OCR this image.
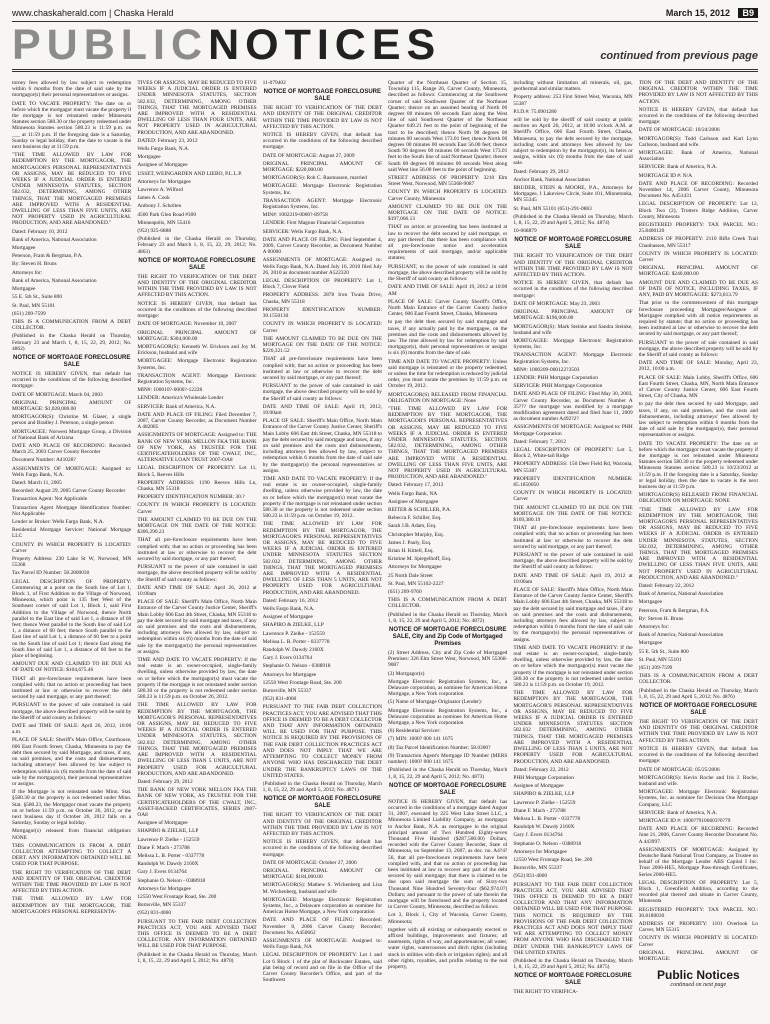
www.chaskaherald.com | Chaska Herald	March 15, 2012 B9
PUBLICNOTICES	continued from previous page

torney fees allowed by law subject to redemption within 6 months from the date of said sale by the mortgagor(s) their personal representatives or assigns.

DATE TO VACATE PROPERTY: The date on or before which the mortgagor must vacate the property if the mortgage is not reinstated under Minnesota Statutes section 580.30 or the property redeemed under Minnesota Statutes section 580.23 is 11:59 p.m. on ___ at 11:59 p.m. If the foregoing date is a Saturday, Sunday or legal holiday, then the date to vacate is the next business day at 11:59 p.m.

"THE TIME ALLOWED BY LAW FOR REDEMPTION BY THE MORTGAGOR, THE MORTGAGOR'S PERSONAL REPRESENTATIVES OR ASSIGNS, MAY BE REDUCED TO FIVE WEEKS IF A JUDICIAL ORDER IS ENTERED UNDER MINNESOTA STATUTES, SECTION 582.032, DETERMINING, AMONG OTHER THINGS, THAT THE MORTGAGED PREMISES ARE IMPROVED WITH A RESIDENTIAL DWELLING OF LESS THAN FIVE UNITS, ARE NOT PROPERTY USED IN AGRICULTURAL PRODUCTION, AND ARE ABANDONED."

Dated: February 10, 2012

Bank of America, National Association

Mortgagee

Peterson, Fram & Bergman, P.A.

By: Steven H. Bruns

Attorneys for:

Bank of America, National Association

Mortgagee

55 E. 5th St., Suite 800

St. Paul, MN 55101

(651) 209-7599

THIS IS A COMMUNICATION FROM A DEBT COLLECTOR.

(Published in the Chaska Herald on Thursday, February 23 and March 1, 8, 15, 22, 29, 2012; No. 4862)

NOTICE OF MORTGAGE FORECLOSURE SALE

NOTICE IS HEREBY GIVEN, that default has occurred in the conditions of the following described mortgage:

DATE OF MORTGAGE: March 04, 2003

ORIGINAL PRINCIPAL AMOUNT OF MORTGAGE: $1,028,000.00

MORTGAGOR(S): Christine M. Glaser, a single person and Bradley J. Peterson, a single person

MORTGAGEE: Norwest Mortgage Group, a Division of National Bank of Arizona

DATE AND PLACE OF RECORDING: Recorded: March 25, 2003 Carver County Recorder

Document Number: A41028?

ASSIGNMENTS OF MORTGAGE: Assigned to: Wells Fargo Bank, N.A.

Dated: March 11, 2005

Recorded: August 29, 2005 Carver County Recorder

Transaction Agent: Not Applicable

Transaction Agent Mortgage Identification Number: Not Applicable

Lender or Broker: Wells Fargo Bank, N.A.

Residential Mortgage Servicer: National Mortgage LLC

COUNTY IN WHICH PROPERTY IS LOCATED: Carver

Property Address: 230 Lake St W, Norwood, MN 55368

Tax Parcel ID Number: 58.2800030

LEGAL DESCRIPTION OF PROPERTY: Commencing at a point on the South line of Lot 1, Block 1, of First Addition to the Village of Norwood, Minnesota, which point is 135 feet West of the Southeast corner of said Lot 1, Block 1, said First Addition to the Village of Norwood, thence North parallel to the East line of said Lot 1, a distance of 60 feet; thence West parallel to the South line of said Lot 1, a distance of 60 feet; thence South parallel to the East line of said Lot 1, a distance of 60 feet to a point on the South line of said Lot 1; thence East along the South line of said Lot 1, a distance of 60 feet to the place of beginning.

AMOUNT DUE AND CLAIMED TO BE DUE AS OF DATE OF NOTICE: $104,675.46

THAT all pre-foreclosure requirements have been complied with; that no action or proceeding has been instituted at law or otherwise to recover the debt secured by said mortgage, or any part thereof;

PURSUANT to the power of sale contained in said mortgage, the above described property will be sold by the Sheriff of said county as follows:

DATE and TIME OF SALE: April 26, 2012, 10:00 a.m.

PLACE OF SALE: Sheriff's Main Office, Courthouse, 606 East Fourth Street, Chaska, Minnesota to pay the debt then secured by said Mortgage, and taxes, if any, on said premises, and the costs and disbursements, including attorneys' fees allowed by law subject to redemption within six (6) months from the date of said sale by the mortgagor(s), their personal representatives or assigns.

If the Mortgage is not reinstated under Minn. Stat. §580.30 or the property is not redeemed under Minn. Stat. §580.23, the Mortgagor must vacate the property on or before 11:59 p.m. on October 26, 2012, or the next business day if October 26, 2012 falls on a Saturday, Sunday or legal holiday.

Mortgagor(s) released from financial obligation: NONE

THIS COMMUNICATION IS FROM A DEBT COLLECTOR ATTEMPTING TO COLLECT A DEBT. ANY INFORMATION OBTAINED WILL BE USED FOR THAT PURPOSE.

THE RIGHT TO VERIFICATION OF THE DEBT AND IDENTITY OF THE ORIGINAL CREDITOR WITHIN THE TIME PROVIDED BY LAW IS NOT AFFECTED BY THIS ACTION.

THE TIME ALLOWED BY LAW FOR REDEMPTION BY THE MORTGAGOR, THE MORTGAGOR'S PERSONAL REPRESENTA-

TIVES OR ASSIGNS, MAY BE REDUCED TO FIVE WEEKS IF A JUDICIAL ORDER IS ENTERED UNDER MINNESOTA STATUTES, SECTION 582.032, DETERMINING, AMONG OTHER THINGS, THAT THE MORTGAGED PREMISES ARE IMPROVED WITH A RESIDENTIAL DWELLING OF LESS THAN FOUR UNITS, ARE NOT PROPERTY USED IN AGRICULTURAL PRODUCTION, AND ARE ABANDONED.

DATED: February 23, 2012

Wells Fargo Bank, N.A.

Mortgagee

Assignee of Mortgagee

USSET, WEINGARDEN AND LIEBO, P.L.L.P.

Attorneys for Mortgagee

Lawrence A. Wilford

James A. Cook

Anthony J. Scholten

4500 Park Glen Road #300

Minneapolis, MN 55416

(952) 925-6888

(Published in the Chaska Herald on Thursday, February 23 and March 1, 8, 15, 22, 29, 2012; No. 4863)

NOTICE OF MORTGAGE FORECLOSURE SALE

THE RIGHT TO VERIFICATION OF THE DEBT AND IDENTITY OF THE ORIGINAL CREDITOR WITHIN THE TIME PROVIDED BY LAW IS NOT AFFECTED BY THIS ACTION.

NOTICE IS HEREBY GIVEN, that default has occurred in the conditions of the following described mortgage:

DATE OF MORTGAGE: November 10, 2007

ORIGINAL PRINCIPAL AMOUNT OF MORTGAGE: $304,000.00

MORTGAGOR(S): Kenneth W. Erickson and Joy M. Erickson, husband and wife

MORTGAGEE: Mortgage Electronic Registration Systems, Inc.

TRANSACTION AGENT: Mortgage Electronic Registration Systems, Inc.

MIN#: 100010?-0000?-12228

LENDER: America's Wholesale Lender

SERVICER: Bank of America, N.A.

DATE AND PLACE OF FILING: Filed December 7, 2007, Carver County Recorder, as Document Number A 482085

ASSIGNMENTS OF MORTGAGE: Assigned to: THE BANK OF NEW YORK MELLON FKA THE BANK OF NEW YORK, AS TRUSTEE FOR THE CERTIFICATEHOLDERS OF THE CWALT, INC., ALTERNATIVE LOAN TRUST 2007-OA8

LEGAL DESCRIPTION OF PROPERTY: Lot 11, Block 5, Reeves Hills

PROPERTY ADDRESS: 1190 Reeves Hills Ln, Chaska, MN 55318

PROPERTY IDENTIFICATION NUMBER: 30.?

COUNTY IN WHICH PROPERTY IS LOCATED: Carver

THE AMOUNT CLAIMED TO BE DUE ON THE MORTGAGE ON THE DATE OF THE NOTICE: $306,290.23

THAT all pre-foreclosure requirements have been complied with; that no action or proceeding has been instituted at law or otherwise to recover the debt secured by said mortgage, or any part thereof;

PURSUANT to the power of sale contained in said mortgage, the above described property will be sold by the Sheriff of said county as follows:

DATE AND TIME OF SALE: April 26, 2012 at 10:00am

PLACE OF SALE: Sheriff's Main Office, North Main Entrance of the Carver County Justice Center, Sheriff's Main Lobby 606 East 4th Street, Chaska, MN 55318 to pay the debt secured by said mortgage and taxes, if any on said premises and the costs and disbursements, including attorneys fees allowed by law, subject to redemption within six (6) months from the date of said sale by the mortgagor(s) the personal representatives or assigns.

TIME AND DATE TO VACATE PROPERTY: If the real estate is an owner-occupied, single-family dwelling, unless otherwise provided by law, the date on or before which the mortgagor(s) must vacate the property if the mortgage is not reinstated under section 580.30 or the property is not redeemed under section 580.23 is 11:59 p.m. on October 26, 2012.

THE TIME ALLOWED BY LAW FOR REDEMPTION BY THE MORTGAGOR, THE MORTGAGOR'S PERSONAL REPRESENTATIVES OR ASSIGNS, MAY BE REDUCED TO FIVE WEEKS IF A JUDICIAL ORDER IS ENTERED UNDER MINNESOTA STATUTES, SECTION 582.032 DETERMINING, AMONG OTHER THINGS, THAT THE MORTGAGED PREMISES ARE IMPROVED WITH A RESIDENTIAL DWELLING OF LESS THAN 5 UNITS, ARE NOT PROPERTY USED FOR AGRICULTURAL PRODUCTION, AND ARE ABANDONED.

Dated: February 29, 2012

THE BANK OF NEW YORK MELLON FKA THE BANK OF NEW YORK, AS TRUSTEE FOR THE CERTIFICATEHOLDERS OF THE CWALT, INC., ASSET-BACKED CERTIFICATES, SERIES 2007-OA8

Assignee of Mortgagee

SHAPIRO & ZIELKE, LLP

Lawrence P. Zielke - 152559

Diane F. Mach - 273788

Melissa L. B. Porter - 0337778

Randolph W. Dawdy 2160X

Gary J. Evers 0134764

Stephanie O. Nelson - 0388918

Attorneys for Mortgagee

12550 West Frontage Road, Ste. 200

Burnsville, MN 55337

(952) 831-4060

PURSUANT TO THE FAIR DEBT COLLECTION PRACTICES ACT, YOU ARE ADVISED THAT THIS OFFICE IS DEEMED TO BE A DEBT COLLECTOR. ANY INFORMATION OBTAINED WILL BE USED FOR THAT PURPOSE.

(Published in the Chaska Herald on Thursday, March 1, 8, 15, 22, 29 and April 5, 2012; No. 4870)

11-079402

NOTICE OF MORTGAGE FORECLOSURE SALE

THE RIGHT TO VERIFICATION OF THE DEBT AND IDENTITY OF THE ORIGINAL CREDITOR WITHIN THE TIME PROVIDED BY LAW IS NOT AFFECTED BY THIS ACTION.

NOTICE IS HEREBY GIVEN, that default has occurred in the conditions of the following described mortgage:

DATE OF MORTGAGE: August 27, 2009

ORIGINAL PRINCIPAL AMOUNT OF MORTGAGE: $220,000.00

MORTGAGOR(S): Rob C. Rasmussen, married

MORTGAGEE: Mortgage Electronic Registration Systems, Inc.

TRANSACTION AGENT: Mortgage Electronic Registration Systems, Inc.

MIN#: 1002219-0000?-89758

LENDER: First Magnus Financial Corporation

SERVICER: Wells Fargo Bank, N.A.

DATE AND PLACE OF FILING: Filed September 4, 2009, Carver County Recorder, as Document Number A 00000

ASSIGNMENTS OF MORTGAGE: Assigned to: Wells Fargo Bank, N.A. Dated July 16, 2010 filed July 26, 2010 as document number A522320

LEGAL DESCRIPTION OF PROPERTY: Lot 1, Block 7, Clover Field

PROPERTY ADDRESS: 2878 Iron Twain Drive, Chaska, MN 55318

PROPERTY IDENTIFICATION NUMBER: 30.1550130

COUNTY IN WHICH PROPERTY IS LOCATED: Carver

THE AMOUNT CLAIMED TO BE DUE ON THE MORTGAGE ON THE DATE OF THE NOTICE: $226,321.52

THAT all pre-foreclosure requirements have been complied with; that no action or proceeding has been instituted at law or otherwise to recover the debt secured by said mortgage, or any part thereof;

PURSUANT to the power of sale contained in said mortgage, the above described property will be sold by the Sheriff of said county as follows:

DATE AND TIME OF SALE: April 19, 2012, 10:00am

PLACE OF SALE: Sheriff's Main Office, North Main Entrance of the Carver County Justice Center, Sheriff's Main Lobby 606 East 4th Street, Chaska, MN 55318 to pay the debt secured by said mortgage and taxes, if any on said premises and the costs and disbursements, including attorneys fees allowed by law, subject to redemption within 6 months from the date of said sale by the mortgagor(s) the personal representatives or assigns.

TIME AND DATE TO VACATE PROPERTY: If the real estate is an owner-occupied, single-family dwelling, unless otherwise provided by law, the date on or before which the mortgagor(s) must vacate the property if the mortgage is not reinstated under section 580.30 or the property is not redeemed under section 580.23 is 11:59 p.m. on October 19, 2012.

THE TIME ALLOWED BY LAW FOR REDEMPTION BY THE MORTGAGOR, THE MORTGAGOR'S PERSONAL REPRESENTATIVES OR ASSIGNS, MAY BE REDUCED TO FIVE WEEKS IF A JUDICIAL ORDER IS ENTERED UNDER MINNESOTA STATUTES SECTION 582.032 DETERMINING, AMONG OTHER THINGS, THAT THE MORTGAGED PREMISES ARE IMPROVED WITH A RESIDENTIAL DWELLING OF LESS THAN 5 UNITS, ARE NOT PROPERTY USED FOR AGRICULTURAL PRODUCTION, AND ARE ABANDONED.

Dated: February 16, 2012

Wells Fargo Bank, N.A.

Assignee of Mortgagee

SHAPIRO & ZIELKE, LLP

Lawrence P. Zielke - 152559

Melissa L. B. Porter - 0337778

Randolph W. Dawdy 2160X

Gary J. Evers 0134764

Stephanie O. Nelson - 0388918

Attorneys for Mortgagee

12550 West Frontage Road, Ste. 200

Burnsville, MN 55337

(952) 831-4060

PURSUANT TO THE FAIR DEBT COLLECTION PRACTICES ACT, YOU ARE ADVISED THAT THIS OFFICE IS DEEMED TO BE A DEBT COLLECTOR AND THAT ANY INFORMATION OBTAINED WILL BE USED FOR THAT PURPOSE. THIS NOTICE IS REQUIRED BY THE PROVISIONS OF THE FAIR DEBT COLLECTION PRACTICES ACT AND DOES NOT IMPLY THAT WE ARE ATTEMPTING TO COLLECT MONEY FROM ANYONE WHO HAS DISCHARGED THE DEBT UNDER THE BANKRUPTCY LAWS OF THE UNITED STATES.

(Published in the Chaska Herald on Thursday, March 1, 8, 15, 22, 29 and April 5, 2012; No. 4871)

NOTICE OF MORTGAGE FORECLOSURE SALE

THE RIGHT TO VERIFICATION OF THE DEBT AND IDENTITY OF THE ORIGINAL CREDITOR WITHIN THE TIME PROVIDED BY LAW IS NOT AFFECTED BY THIS ACTION.

NOTICE IS HEREBY GIVEN, that default has occurred in the conditions of the following described mortgage:

DATE OF MORTGAGE: October 27, 2006

ORIGINAL PRINCIPAL AMOUNT OF MORTGAGE: $184,000.00

MORTGAGOR(S): Mathew S. Wichenberg and Lisa M. Wichenberg, husband and wife

MORTGAGEE: Mortgage Electronic Registration Systems, Inc., a Delaware corporation as nominee for Americas Home Mortgage, a New York corporation

DATE AND PLACE OF FILING: Recorded: November 8, 2006 Carver County Recorder; Document No. A450662

ASSIGNMENTS OF MORTGAGE: Assigned to: Wells Fargo Bank, NA

LEGAL DESCRIPTION OF PROPERTY: Lot 1 and Lot 6 Block 1 of the plat of Rockwater Estates, said plat being of record and on file in the Office of the Carver County Recorder's Office, and part of the Southwest

Quarter of the Northeast Quarter of Section 15, Township 115, Range 26, Carver County, Minnesota, described as follows: Commencing at the Southwest corner of said Southwest Quarter of the Northeast Quarter; thence on an assumed bearing of North 00 degrees 00 minutes 00 seconds East along the West line of said Southwest Quarter of the Northeast Quarter 649.21 feet to the point of beginning of the tract to be described; thence North 90 degrees 00 minutes 00 seconds West 173.01 feet; thence North 00 degrees 00 minutes 00 seconds East 56.00 feet; thence South 90 degrees 00 minutes 00 seconds West 173.01 feet to the South line of said Northeast Quarter; thence South 00 degrees 00 minutes 00 seconds West along said West line 56.00 feet to the point of beginning.

STREET ADDRESS OF PROPERTY: 3210 Elm Street West, Norwood, MN 55368-9087

COUNTY IN WHICH PROPERTY IS LOCATED: Carver County, Minnesota

AMOUNT CLAIMED TO BE DUE ON THE MORTGAGE ON THE DATE OF NOTICE: $197,066.13

THAT no action or proceeding has been instituted at law to recover the debt secured by said mortgage, or any part thereof; that there has been compliance with all pre-foreclosure notice and acceleration requirements of said mortgage, and/or applicable statutes;

PURSUANT, to the power of sale contained in said mortgage, the above described property will be sold by the Sheriff of said county as follows:

DATE AND TIME OF SALE: April 19, 2012 at 10:00 AM

PLACE OF SALE: Carver County Sheriff's Office, North Main Entrance of the Carver County Justice Center, 606 East Fourth Street, Chaska, Minnesota

to pay the debt then secured by said mortgage and taxes, if any actually paid by the mortgagee, on the premises and the costs and disbursements allowed by law. The time allowed by law for redemption by said mortgagor(s), their personal representatives or assigns is six (6) months from the date of sale.

TIME AND DATE TO VACATE PROPERTY: Unless said mortgage is reinstated or the property redeemed, or unless the time for redemption is reduced by judicial order, you must vacate the premises by 11:59 p.m. on October 19, 2012.

MORTGAGOR(S) RELEASED FROM FINANCIAL OBLIGATION ON MORTGAGE: None

"THE TIME ALLOWED BY LAW FOR REDEMPTION BY THE MORTGAGOR, THE MORTGAGOR'S PERSONAL REPRESENTATIVES OR ASSIGNS, MAY BE REDUCED TO FIVE WEEKS IF A JUDICIAL ORDER IS ENTERED UNDER MINNESOTA STATUTES, SECTION 582.032, DETERMINING, AMONG OTHER THINGS, THAT THE MORTGAGED PREMISES ARE IMPROVED WITH A RESIDENTIAL DWELLING OF LESS THAN FIVE UNITS, ARE NOT PROPERTY USED IN AGRICULTURAL PRODUCTION, AND ARE ABANDONED."

Dated: February 17, 2012

Wells Fargo Bank, NA

Assignee of Mortgagee

REITER & SCHILLER, P.A.

Rebecca F. Schiller, Esq.

Sarah J.B. Adam, Esq.

Christopher Murphy, Esq.

James J. Pauly, Esq.

Brian H. Kittell, Esq.

Kristine M. Spiegelhoff, Esq.

Attorneys for Mortgagee

25 North Dale Street

St. Paul, MN 55102-2227

(651) 209-9760

THIS IS A COMMUNICATION FROM A DEBT COLLECTOR.

(Published in the Chaska Herald on Thursday, March 1, 8, 15, 22, 29 and April 5, 2012; No. 4872)

NOTICE OF MORTGAGE FORECLOSURE SALE, City and Zip Code of Mortgaged Premises

(2) Street Address, City and Zip Code of Mortgaged Premises: 326 Elm Street West, Norwood, MN 55368-9087

(3) Mortgagor(s)

Mortgage Electronic Registration Systems, Inc., a Delaware corporation, as nominee for American Home Mortgage, a New York corporation

(5) Name of Mortgage Originator (Lender):

Mortgage Electronic Registration Systems, Inc., a Delaware corporation as nominee for American Home Mortgage, a New York corporation

(6) Residential Servicer:

(7) MIN: 1000? 000 141 1675

(8) Tax Parcel Identification Number: 58.0300?

(9) Transaction Agent's Mortgage ID Number (MERS number): 1000? 000 141 1675

(Published in the Chaska Herald on Thursday, March 1, 8, 15, 22, 29 and April 5, 2012; No. 4873)

NOTICE OF MORTGAGE FORECLOSURE SALE

NOTICE IS HEREBY GIVEN, that default has occurred in the conditions of a mortgage dated August 31, 2007, executed by 225 West Lake Street LLC, a Minnesota Limited Liability Company, as mortgagor to Anchor Bank, N.A. as mortgagee in the original principal amount of Two Hundred Eighty-seven Thousand Five Hundred ($287,500.00) Dollars, recorded with the Carver County Recorder, State of Minnesota, on September 13, 2007, as doc. no. A4?4?56, that all pre-foreclosure requirements have been complied with, and that no action or proceeding has been instituted at law to recover any part of the debt secured by said mortgage; that there is claimed to be due upon said mortgage the sum of Sixty-two Thousand Nine Hundred Seventy-four ($62,974.07) Dollars; and pursuant to the power of sale therein the mortgage will be foreclosed and the property located in Carver County, Minnesota, described as follows:

Lot 3, Block 1, City of Waconia, Carver County, Minnesota;

together with all existing or subsequently erected or affixed buildings, improvements and fixtures; all easements, rights of way, and appurtenances; all water, water rights, watercourses and ditch rights (including stock in utilities with ditch or irrigation rights); and all other rights, royalties, and profits relating to the real property,

including without limitation all minerals, oil, gas, geothermal and similar matters.

Property address: 253 First Street West, Waconia, MN 55387

P.I.D.#: 75.0901280

will be sold by the sheriff of said county at public auction on April 26, 2012, at 10:00 o'clock A.M. at Sheriff's Office, 606 East Fourth Street, Chaska, Minnesota, to pay the debt secured by the mortgage, including costs and attorneys fees allowed by law subject to redemption by the mortgagor(s), its heirs or assigns, within six (6) months from the date of said sale.

Dated: February 29, 2012

Anchor Bank, National Association

BRUDER, STEIN & MOORE, P.A., Attorneys for Mortgagee, 1 Lakeview Circle, Suite 101, Minnetonka, MN 55345

St. Paul, MN 55101 (651)-291-0883

(Published in the Chaska Herald on Thursday, March 1, 8, 15, 22, 29 and April 5, 2012; No. 4874)

10-068879

NOTICE OF MORTGAGE FORECLOSURE SALE

THE RIGHT TO VERIFICATION OF THE DEBT AND IDENTITY OF THE ORIGINAL CREDITOR WITHIN THE TIME PROVIDED BY LAW IS NOT AFFECTED BY THIS ACTION.

NOTICE IS HEREBY GIVEN, that default has occurred in the conditions of the following described mortgage:

DATE OF MORTGAGE: May 23, 2003

ORIGINAL PRINCIPAL AMOUNT OF MORTGAGE: $196,000.00

MORTGAGOR(S): Mark Steinke and Sandra Steinke, husband and wife

MORTGAGEE: Mortgage Electronic Registration Systems, Inc.

TRANSACTION AGENT: Mortgage Electronic Registration Systems, Inc.

MIN#: 1000209-000122?3503

LENDER: PHH Mortgage Corporation

SERVICER: PHH Mortgage Corporation

DATE AND PLACE OF FILING: Filed May 30, 2003, Carver County Recorder, as Document Number A 35??? the mortgage was modified by a mortgage modification agreement dated and filed June 11, 2009 as document number A492?2?

ASSIGNMENTS OF MORTGAGE: Assigned to: PHH Mortgage Corporation

Dated: February 7, 2012

LEGAL DESCRIPTION OF PROPERTY: Lot 5, Block 2, White-tail Ridge

PROPERTY ADDRESS: 150 Deer Field Rd, Waconia, MN 55387

PROPERTY IDENTIFICATION NUMBER: 85.1850050

COUNTY IN WHICH PROPERTY IS LOCATED: Carver

THE AMOUNT CLAIMED TO BE DUE ON THE MORTGAGE ON THE DATE OF THE NOTICE: $169,380.19

THAT all pre-foreclosure requirements have been complied with; that no action or proceeding has been instituted at law or otherwise to recover the debt secured by said mortgage, or any part thereof;

PURSUANT to the power of sale contained in said mortgage, the above described property will be sold by the Sheriff of said county as follows:

DATE AND TIME OF SALE: April 19, 2012 at 10:00am

PLACE OF SALE: Sheriff's Main Office, North Main Entrance of the Carver County Justice Center, Sheriff's Main Lobby 606 East 4th Street, Chaska, MN 55318 to pay the debt secured by said mortgage and taxes, if any on said premises and the costs and disbursements, including attorneys fees allowed by law, subject to redemption within 6 months from the date of said sale by the mortgagor(s) the personal representatives or assigns.

TIME AND DATE TO VACATE PROPERTY: If the real estate is an owner-occupied, single-family dwelling, unless otherwise provided by law, the date on or before which the mortgagor(s) must vacate the property if the mortgage is not reinstated under section 580.30 or the property is not redeemed under section 580.23 is 11:59 p.m. on October 19, 2012.

THE TIME ALLOWED BY LAW FOR REDEMPTION BY THE MORTGAGOR, THE MORTGAGOR'S PERSONAL REPRESENTATIVES OR ASSIGNS, MAY BE REDUCED TO FIVE WEEKS IF A JUDICIAL ORDER IS ENTERED UNDER MINNESOTA STATUTES SECTION 582.032 DETERMINING, AMONG OTHER THINGS, THAT THE MORTGAGED PREMISES ARE IMPROVED WITH A RESIDENTIAL DWELLING OF LESS THAN 5 UNITS, ARE NOT PROPERTY USED FOR AGRICULTURAL PRODUCTION, AND ARE ABANDONED.

Dated: February 22, 2012

PHH Mortgage Corporation

Assignee of Mortgagee

SHAPIRO & ZIELKE, LLP

Lawrence P. Zielke - 152559

Diane F. Mach - 273788

Melissa L. B. Porter - 0337778

Randolph W. Dawdy 2160X

Gary J. Evers 0134764

Stephanie O. Nelson - 0388918

Attorneys for Mortgagee

12550 West Frontage Road, Ste. 200

Burnsville, MN 55337

(952) 831-4060

PURSUANT TO THE FAIR DEBT COLLECTION PRACTICES ACT, YOU ARE ADVISED THAT THIS OFFICE IS DEEMED TO BE A DEBT COLLECTOR AND THAT ANY INFORMATION OBTAINED WILL BE USED FOR THAT PURPOSE. THIS NOTICE IS REQUIRED BY THE PROVISIONS OF THE FAIR DEBT COLLECTION PRACTICES ACT AND DOES NOT IMPLY THAT WE ARE ATTEMPTING TO COLLECT MONEY FROM ANYONE WHO HAS DISCHARGED THE DEBT UNDER THE BANKRUPTCY LAWS OF THE UNITED STATES.

(Published in the Chaska Herald on Thursday, March 1, 8, 15, 22, 29 and April 5, 2012; No. 4875)

NOTICE OF MORTGAGE FORECLOSURE SALE

THE RIGHT TO VERIFICA-

TION OF THE DEBT AND IDENTITY OF THE ORIGINAL CREDITOR WITHIN THE TIME PROVIDED BY LAW IS NOT AFFECTED BY THIS ACTION.

NOTICE IS HEREBY GIVEN, that default has occurred in the conditions of the following described mortgage:

DATE OF MORTGAGE: 10/24/2006

MORTGAGOR(S): Todd Carlsson and Kari Lynn Carlsson, husband and wife.

MORTGAGEE: Bank of America, National Association

SERVICER: Bank of America, N.A.

MORTGAGE ID #: N/A

DATE AND PLACE OF RECORDING: Recorded November 14, 2006 Carver County, Minnesota Document No. A451431

LEGAL DESCRIPTION OF PROPERTY: Lot 12, Block Two (2), Trotters Ridge Addition, Carver County, Minnesota

REGISTERED PROPERTY: TAX PARCEL NO.: 25.8400120

ADDRESS OF PROPERTY: 2110 Rifle Creek Trail Chanhassen, MN 55317

COUNTY IN WHICH PROPERTY IS LOCATED: Carver

ORIGINAL PRINCIPAL AMOUNT OF MORTGAGE: $240,000.00

AMOUNT DUE AND CLAIMED TO BE DUE AS OF DATE OF NOTICE, INCLUDING TAXES, IF ANY, PAID BY MORTGAGEE: $273,813.79

That prior to the commencement of this mortgage foreclosure proceeding Mortgagee/Assignee of Mortgagee complied with all notice requirements as required by statute; that no action or proceeding has been instituted at law or otherwise to recover the debt secured by said mortgage, or any part thereof;

PURSUANT to the power of sale contained in said mortgage, the above described property will be sold by the Sheriff of said county as follows:

DATE AND TIME OF SALE: Monday, April 23, 2012, 10:00 a.m.

PLACE OF SALE: Main Lobby, Sheriff's Office, 606 East Fourth Street, Chaska, MN, North Main Entrance of Carver County Justice Center, 606 East Fourth Street, City of Chaska, MN

to pay the debt then secured by said Mortgage, and taxes, if any, on said premises, and the costs and disbursements, including attorneys' fees allowed by law subject to redemption within 6 months from the date of said sale by the mortgagor(s), their personal representatives or assigns.

DATE TO VACATE PROPERTY: The date on or before which the mortgagor must vacate the property if the mortgage is not reinstated under Minnesota Statutes section 580.30 or the property redeemed under Minnesota Statutes section 580.23 is 10/23/2012 at 11:59 p.m. If the foregoing date is a Saturday, Sunday or legal holiday, then the date to vacate is the next business day at 11:59 p.m.

MORTGAGOR(S) RELEASED FROM FINANCIAL OBLIGATION ON MORTGAGE: NONE

"THE TIME ALLOWED BY LAW FOR REDEMPTION BY THE MORTGAGOR, THE MORTGAGOR'S PERSONAL REPRESENTATIVES OR ASSIGNS, MAY BE REDUCED TO FIVE WEEKS IF A JUDICIAL ORDER IS ENTERED UNDER MINNESOTA STATUTES, SECTION 582.032, DETERMINING, AMONG OTHER THINGS, THAT THE MORTGAGED PREMISES ARE IMPROVED WITH A RESIDENTIAL DWELLING OF LESS THAN FIVE UNITS, ARE NOT PROPERTY USED IN AGRICULTURAL PRODUCTION, AND ARE ABANDONED."

Dated: February 22, 2012

Bank of America, National Association

Mortgagee

Peterson, Fram & Bergman, P.A.

By: Steven H. Bruns

Attorneys for:

Bank of America, National Association

Mortgagee

55 E. 5th St., Suite 800

St. Paul, MN 55101

(651) 209-7599

THIS IS A COMMUNICATION FROM A DEBT COLLECTOR.

(Published in the Chaska Herald on Thursday, March 1, 8, 15, 22, 29 and April 5, 2012; No. 4876)

NOTICE OF MORTGAGE FORECLOSURE SALE

THE RIGHT TO VERIFICATION OF THE DEBT AND IDENTITY OF THE ORIGINAL CREDITOR WITHIN THE TIME PROVIDED BY LAW IS NOT AFFECTED BY THIS ACTION.

NOTICE IS HEREBY GIVEN, that default has occurred in the conditions of the following described mortgage:

DATE OF MORTGAGE: 05/25/2006

MORTGAGOR(S): Kevin Roche and Iris J. Roche, husband and wife.

MORTGAGEE: Mortgage Electronic Registration Systems, Inc. as nominee for Decision One Mortgage Company, LLC

SERVICER: Bank of America, N.A.

MORTGAGE ID #: 1000?79100603?0?79

DATE AND PLACE OF RECORDING: Recorded June 21, 2006, Carver County Recorder Document No. A 443997.

ASSIGNMENTS OF MORTGAGE: Assigned by Deutsche Bank National Trust Company, as Trustee on behalf of the Mortgage Lender ABS Capital I Inc. Trust 2006-HE5, Mortgage Pass-through Certificates, Series 2006-HE5.

LEGAL DESCRIPTION OF PROPERTY: Lot 5, Block 1, Greenfield Addition, according to the recorded plat thereof and situate in Carver County, Minnesota

REGISTERED PROPERTY: TAX PARCEL NO.: 30.8180030

ADDRESS OF PROPERTY: 1101 Overlook Ln Carver, MN 55315

COUNTY IN WHICH PROPERTY IS LOCATED: Carver

ORIGINAL PRINCIPAL AMOUNT OF MORTGAGE:

Public Notices
continued on next page
